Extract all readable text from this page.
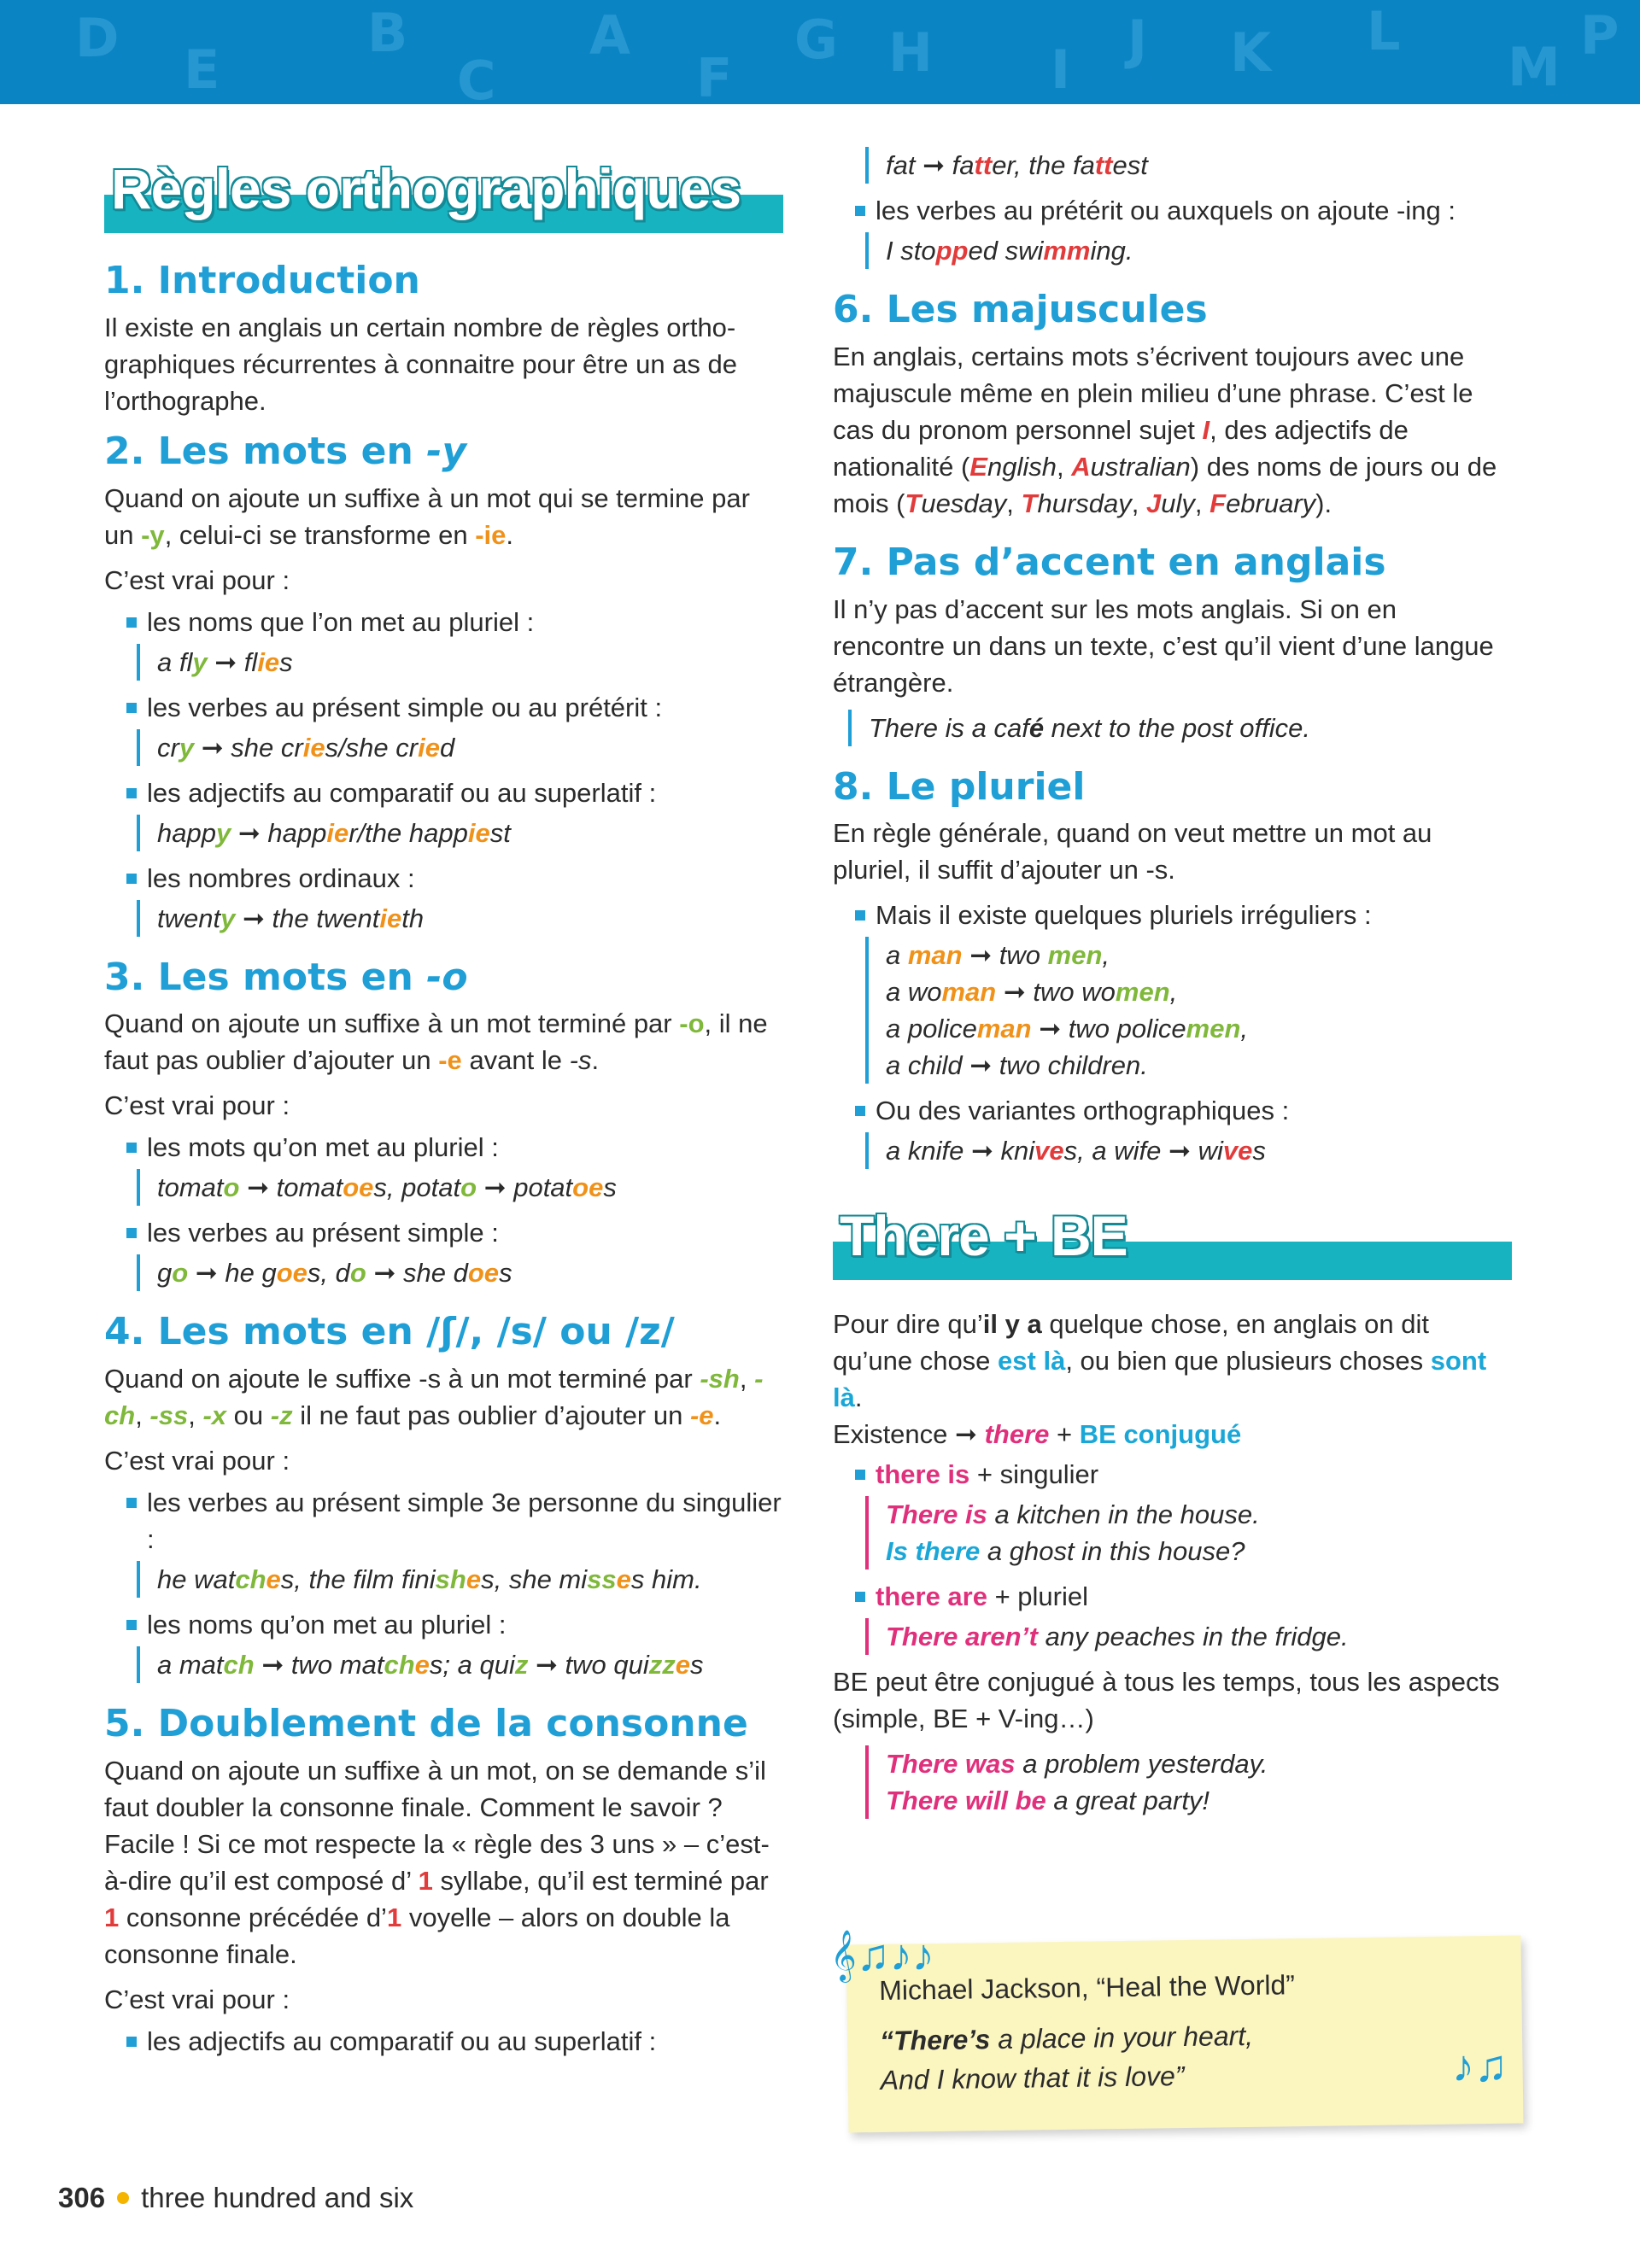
D
E
B
C
A
F
G H I J K L
M
P
Règles orthographiques
1. Introduction

Il existe en anglais un certain nombre de règles ortho-graphiques récurrentes à connaitre pour être un as de l’orthographe.

2. Les mots en -y

Quand on ajoute un suffixe à un mot qui se termine par un -y, celui-ci se transforme en -ie.

C’est vrai pour :

les noms que l’on met au pluriel :
a fly ➞ flies
les verbes au présent simple ou au prétérit :
cry ➞ she cries/she cried
les adjectifs au comparatif ou au superlatif :
happy ➞ happier/the happiest
les nombres ordinaux :
twenty ➞ the twentieth
3. Les mots en -o

Quand on ajoute un suffixe à un mot terminé par -o, il ne faut pas oublier d’ajouter un -e avant le -s.

C’est vrai pour :

les mots qu’on met au pluriel :
tomato ➞ tomatoes, potato ➞ potatoes
les verbes au présent simple :
go ➞ he goes, do ➞ she does
4. Les mots en /ʃ/, /s/ ou /z/

Quand on ajoute le suffixe -s à un mot terminé par -sh, -ch, -ss, -x ou -z il ne faut pas oublier d’ajouter un -e.

C’est vrai pour :

les verbes au présent simple 3e personne du singulier :
he watches, the film finishes, she misses him.
les noms qu’on met au pluriel :
a match ➞ two matches; a quiz ➞ two quizzes
5. Doublement de la consonne

Quand on ajoute un suffixe à un mot, on se demande s’il faut doubler la consonne finale. Comment le savoir ? Facile ! Si ce mot respecte la « règle des 3 uns » – c’est-à-dire qu’il est composé d’ 1 syllabe, qu’il est terminé par 1 consonne précédée d’1 voyelle – alors on double la consonne finale.

C’est vrai pour :

les adjectifs au comparatif ou au superlatif :
fat ➞ fatter, the fattest
les verbes au prétérit ou auxquels on ajoute -ing :
I stopped swimming.
6. Les majuscules

En anglais, certains mots s’écrivent toujours avec une majuscule même en plein milieu d’une phrase. C’est le cas du pronom personnel sujet I, des adjectifs de nationalité (English, Australian) des noms de jours ou de mois (Tuesday, Thursday, July, February).

7. Pas d’accent en anglais

Il n’y pas d’accent sur les mots anglais. Si on en rencontre un dans un texte, c’est qu’il vient d’une langue étrangère.

There is a café next to the post office.
8. Le pluriel

En règle générale, quand on veut mettre un mot au pluriel, il suffit d’ajouter un -s.

Mais il existe quelques pluriels irréguliers :
a man ➞ two men,
a woman ➞ two women,
a policeman ➞ two policemen,
a child ➞ two children.
Ou des variantes orthographiques :
a knife ➞ knives, a wife ➞ wives
There + BE

Pour dire qu’il y a quelque chose, en anglais on dit qu’une chose est là, ou bien que plusieurs choses sont là.
Existence ➞ there + BE conjugué

there is + singulier
There is a kitchen in the house.
Is there a ghost in this house?
there are + pluriel
There aren’t any peaches in the fridge.

BE peut être conjugué à tous les temps, tous les aspects (simple, BE + V-ing…)

There was a problem yesterday.
There will be a great party!
Michael Jackson, “Heal the World”
“There’s a place in your heart,
And I know that it is love”
𝄞♫♪♪
♪♫
306 three hundred and six
